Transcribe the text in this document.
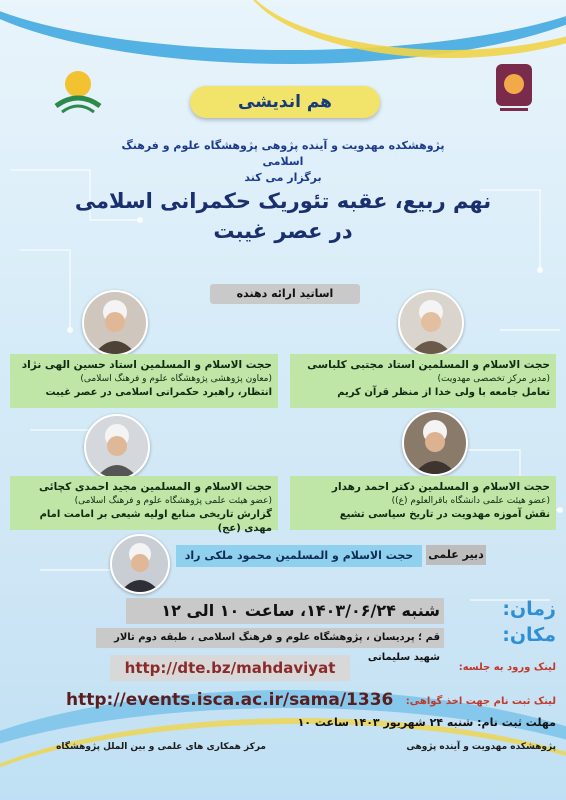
هم اندیشی
پژوهشکده مهدویت و آینده پژوهی پژوهشگاه علوم و فرهنگ اسلامی
برگزار می کند
نهم ربیع، عقبه تئوریک حکمرانی اسلامی
در عصر غیبت
اساتید ارائه دهنده
حجت الاسلام و المسلمین استاد مجتبی کلباسی
(مدیر مرکز تخصصی مهدویت)
تعامل جامعه با ولی خدا از منظر قرآن کریم
حجت الاسلام و المسلمین استاد حسین الهی نژاد
(معاون پژوهشی پژوهشگاه علوم و فرهنگ اسلامی)
انتظار، راهبرد حکمرانی اسلامی در عصر غیبت
حجت الاسلام و المسلمین دکتر احمد رهدار
(عضو هیئت علمی دانشگاه باقرالعلوم (ع))
نقش آموزه مهدویت در تاریخ سیاسی تشیع
حجت الاسلام و المسلمین مجید احمدی کچائی
(عضو هیئت علمی پژوهشگاه علوم و فرهنگ اسلامی)
گزارش تاریخی منابع اولیه شیعی بر امامت امام مهدی (عج)
دبیر علمی
حجت الاسلام و المسلمین محمود ملکی راد
شنبه ۱۴۰۳/۰۶/۲۴، ساعت ۱۰ الی ۱۲	زمان:
قم ؛ پردیسان ، پژوهشگاه علوم و فرهنگ اسلامی ، طبقه دوم تالار شهید سلیمانی
مکان:
لینک ورود به جلسه:
http://dte.bz/mahdaviyat
لینک ثبت نام جهت اخذ گواهی:
http://events.isca.ac.ir/sama/1336
مهلت ثبت نام: شنبه ۲۴ شهریور ۱۴۰۳ ساعت ۱۰
پژوهشکده مهدویت و آینده پژوهی
مرکز همکاری های علمی و بین الملل پژوهشگاه
